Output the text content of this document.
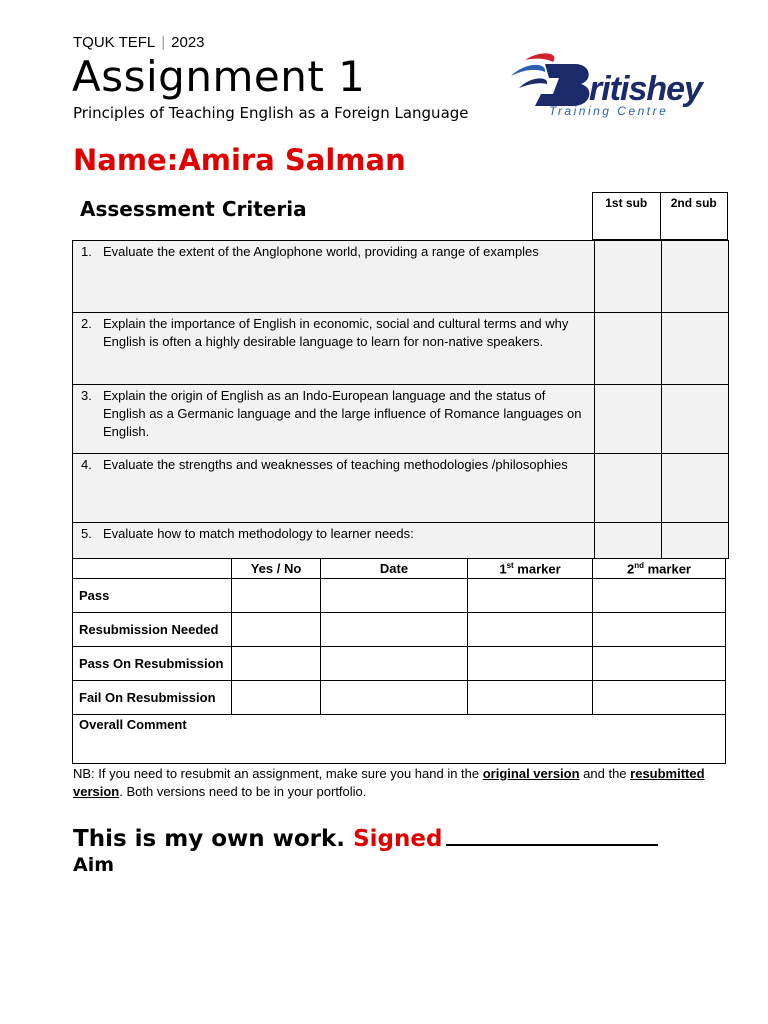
TQUK TEFL | 2023
Assignment 1
Principles of Teaching English as a Foreign Language
ritishey
Training Centre
Name:Amira Salman
Assessment Criteria	1st sub	2nd sub
1. Evaluate the extent of the Anglophone world, providing a range of examples		

2. Explain the importance of English in economic, social and cultural terms and why English is often a highly desirable language to learn for non-native speakers.		

3. Explain the origin of English as an Indo-European language and the status of English as a Germanic language and the large influence of Romance languages on English.		

4. Evaluate the strengths and weaknesses of teaching methodologies /philosophies		

5. Evaluate how to match methodology to learner needs:		

	Yes / No	Date	1st marker	2nd marker
Pass				
Resubmission Needed				
Pass On Resubmission				
Fail On Resubmission				
Overall Comment				
NB: If you need to resubmit an assignment, make sure you hand in the original version and the resubmitted version. Both versions need to be in your portfolio.
This is my own work. Signed
Aim
